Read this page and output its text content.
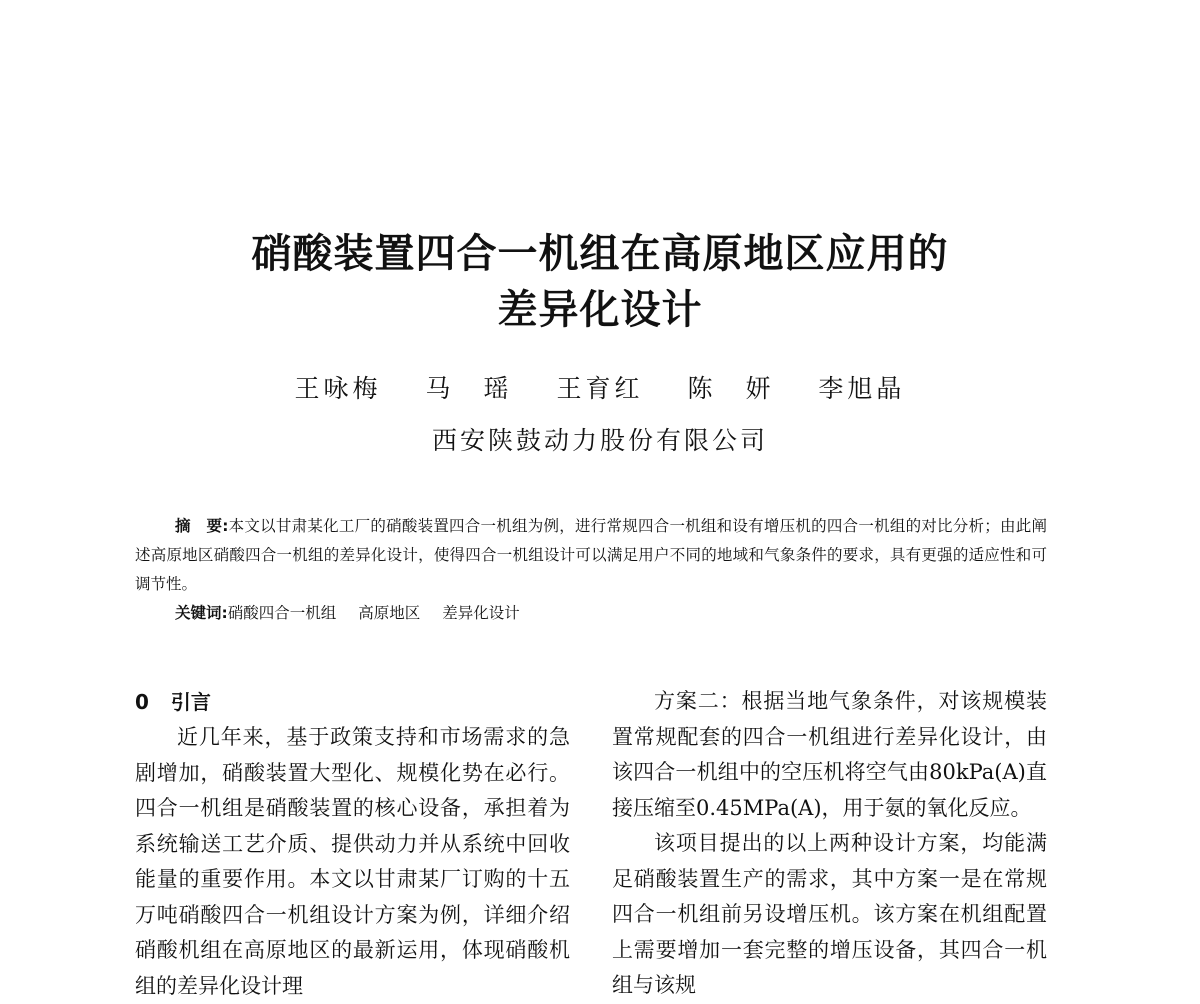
硝酸装置四合一机组在高原地区应用的
差异化设计
王咏梅 马　瑶 王育红 陈　妍 李旭晶
西安陕鼓动力股份有限公司

摘　要:本文以甘肃某化工厂的硝酸装置四合一机组为例，进行常规四合一机组和设有增压机的四合一机组的对比分析；由此阐述高原地区硝酸四合一机组的差异化设计，使得四合一机组设计可以满足用户不同的地域和气象条件的要求，具有更强的适应性和可调节性。

关键词:硝酸四合一机组 高原地区 差异化设计

0 引言

近几年来，基于政策支持和市场需求的急剧增加，硝酸装置大型化、规模化势在必行。四合一机组是硝酸装置的核心设备，承担着为系统输送工艺介质、提供动力并从系统中回收能量的重要作用。本文以甘肃某厂订购的十五万吨硝酸四合一机组设计方案为例，详细介绍硝酸机组在高原地区的最新运用，体现硝酸机组的差异化设计理

方案二：根据当地气象条件，对该规模装置常规配套的四合一机组进行差异化设计，由该四合一机组中的空压机将空气由80kPa(A)直接压缩至0.45MPa(A)，用于氨的氧化反应。

该项目提出的以上两种设计方案，均能满足硝酸装置生产的需求，其中方案一是在常规四合一机组前另设增压机。该方案在机组配置上需要增加一套完整的增压设备，其四合一机组与该规
